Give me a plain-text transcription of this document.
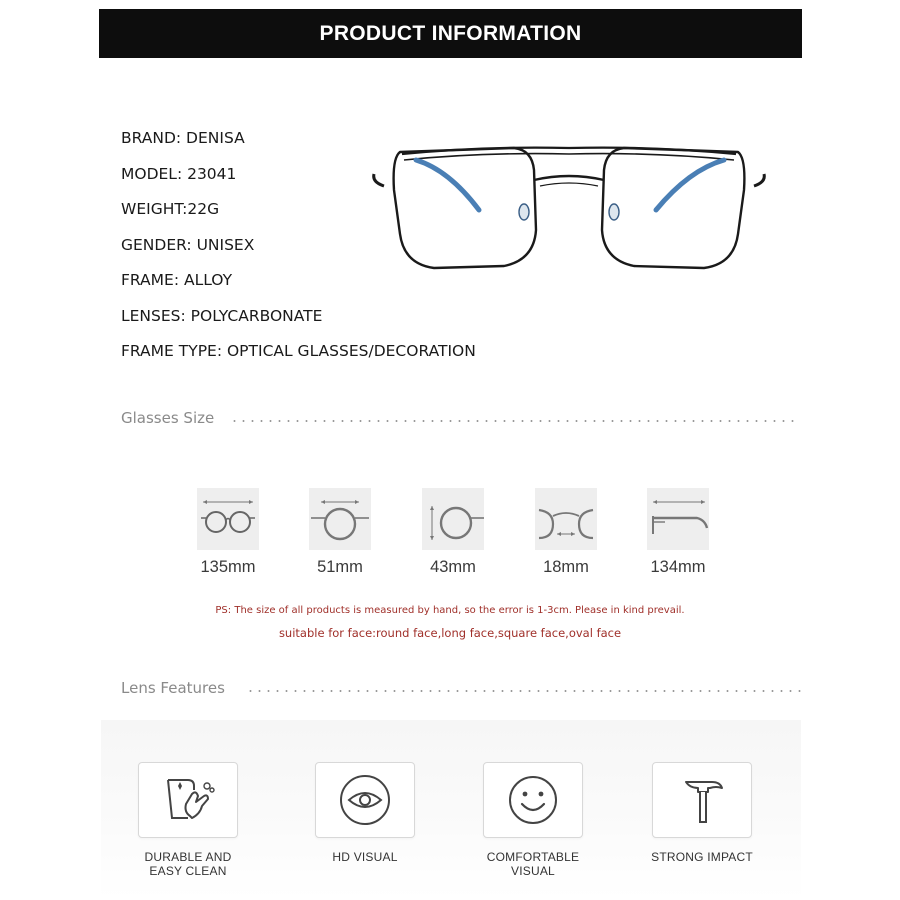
PRODUCT INFORMATION
BRAND: DENISA
MODEL: 23041
WEIGHT:22G
GENDER: UNISEX
FRAME: ALLOY
LENSES: POLYCARBONATE
FRAME TYPE: OPTICAL GLASSES/DECORATION
Glasses Size
135mm	51mm	43mm	18mm	134mm
PS: The size of all products is measured by hand, so the error is 1-3cm. Please in kind prevail.
suitable for face:round face,long face,square face,oval face
Lens Features
DURABLE AND
EASY CLEAN
HD VISUAL	COMFORTABLE
VISUAL
STRONG IMPACT
